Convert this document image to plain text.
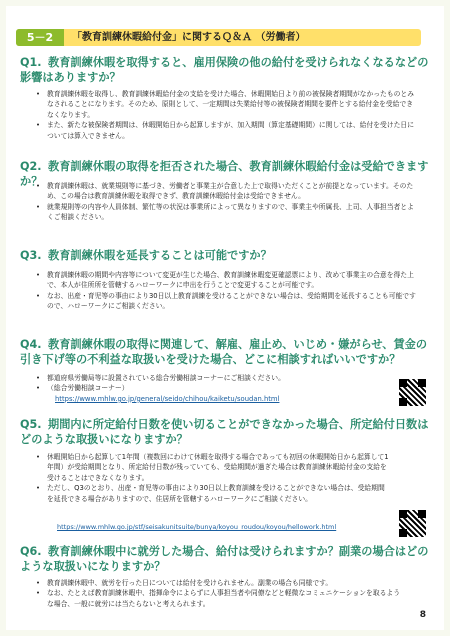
5－2	「教育訓練休暇給付金」に関するＱ＆Ａ （労働者）
Q1. 教育訓練休暇を取得すると、雇用保険の他の給付を受けられなくなるなどの影響はありますか？
• 教育訓練休暇を取得し、教育訓練休暇給付金の支給を受けた場合、休暇開始日より前の被保険者期間がなかったものとみなされることになります。そのため、原則として、一定期間は失業給付等の被保険者期間を要件とする給付金を受給できなくなります。
• また、新たな被保険者期間は、休暇開始日から起算しますが、加入期間（算定基礎期間）に関しては、給付を受けた日については算入できません。
Q2. 教育訓練休暇の取得を拒否された場合、教育訓練休暇給付金は受給できますか？
• 教育訓練休暇は、就業規則等に基づき、労働者と事業主が合意した上で取得いただくことが前提となっています。そのため、この場合は教育訓練休暇を取得できず、教育訓練休暇給付金は受給できません。
• 就業規則等の内容や人員体制、繁忙等の状況は事業所によって異なりますので、事業主や所属長、上司、人事担当者とよくご相談ください。
Q3. 教育訓練休暇を延長することは可能ですか？
• 教育訓練休暇の期間や内容等について変更が生じた場合、教育訓練休暇変更確認票により、改めて事業主の合意を得た上で、本人が住所所を管轄するハローワークに申出を行うことで変更することが可能です。
• なお、出産・育児等の事由により30日以上教育訓練を受けることができない場合は、受給期間を延長することも可能ですので、ハローワークにご相談ください。
Q4. 教育訓練休暇の取得に関連して、解雇、雇止め、いじめ・嫌がらせ、賃金の引き下げ等の不利益な取扱いを受けた場合、どこに相談すればいいですか？
• 都道府県労働局等に設置されている総合労働相談コーナーにご相談ください。
• （総合労働相談コーナー）
https://www.mhlw.go.jp/general/seido/chihou/kaiketu/soudan.html
Q5. 期間内に所定給付日数を使い切ることができなかった場合、所定給付日数はどのような取扱いになりますか？
• 休暇開始日から起算して1年間（複数回にわけて休暇を取得する場合であっても初回の休暇開始日から起算して1年間）が受給期間となり、所定給付日数が残っていても、受給期間が過ぎた場合は教育訓練休暇給付金の支給を受けることはできなくなります。
• ただし、Q3のとおり、出産・育児等の事由により30日以上教育訓練を受けることができない場合は、受給期間を延長できる場合がありますので、住居所を管轄するハローワークにご相談ください。
https://www.mhlw.go.jp/stf/seisakunitsuite/bunya/koyou_roudou/koyou/hellowork.html
Q6. 教育訓練休暇中に就労した場合、給付は受けられますか？副業の場合はどのような取扱いになりますか？
• 教育訓練休暇中、就労を行った日については給付を受けられません。副業の場合も同様です。
• なお、たとえば教育訓練休暇中、指揮命令によらずに人事担当者や同僚などと軽微なコミュニケーションを取るような場合、一般に就労には当たらないと考えられます。
8
